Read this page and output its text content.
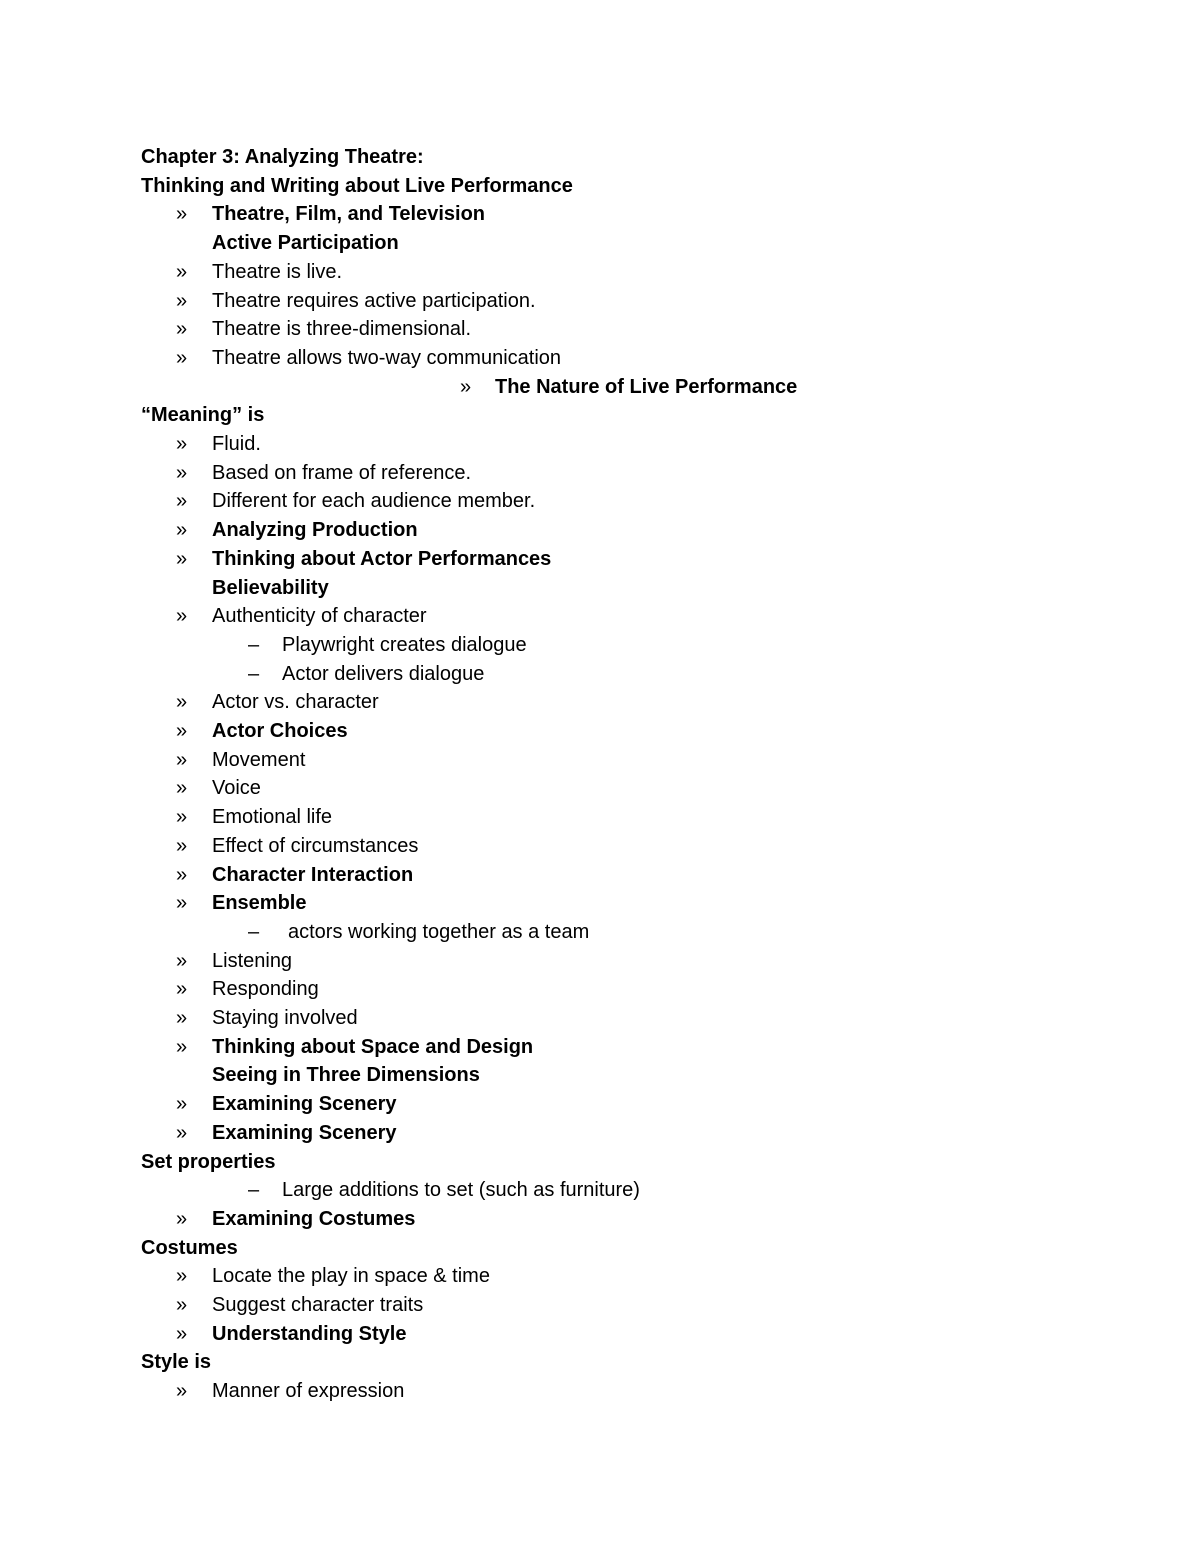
Chapter 3: Analyzing Theatre:
Thinking and Writing about Live Performance
» Theatre, Film, and Television
Active Participation
» Theatre is live.
» Theatre requires active participation.
» Theatre is three-dimensional.
» Theatre allows two-way communication
» The Nature of Live Performance
“Meaning” is
» Fluid.
» Based on frame of reference.
» Different for each audience member.
» Analyzing Production
» Thinking about Actor Performances
Believability
» Authenticity of character
– Playwright creates dialogue
– Actor delivers dialogue
» Actor vs. character
» Actor Choices
» Movement
» Voice
» Emotional life
» Effect of circumstances
» Character Interaction
» Ensemble
– actors working together as a team
» Listening
» Responding
» Staying involved
» Thinking about Space and Design
Seeing in Three Dimensions
» Examining Scenery
» Examining Scenery
Set properties
– Large additions to set (such as furniture)
» Examining Costumes
Costumes
» Locate the play in space & time
» Suggest character traits
» Understanding Style
Style is
» Manner of expression
